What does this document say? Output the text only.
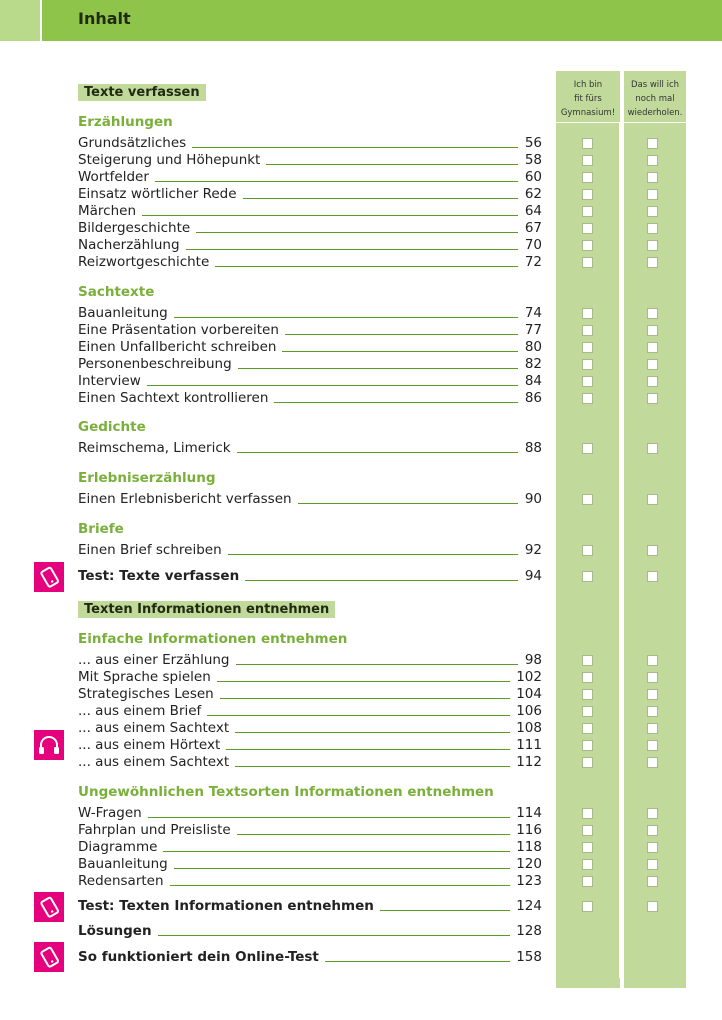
Inhalt
Ich bin
fit fürs
Gymnasium!
Das will ich
noch mal
wiederholen.
Texte verfassen
Texten Informationen entnehmen
Erzählungen
Sachtexte
Gedichte
Erlebniserzählung
Briefe
Einfache Informationen entnehmen
Ungewöhnlichen Textsorten Informationen entnehmen
Grundsätzliches	56
Steigerung und Höhepunkt	58
Wortfelder	60
Einsatz wörtlicher Rede	62
Märchen	64
Bildergeschichte	67
Nacherzählung	70
Reizwortgeschichte	72
Bauanleitung	74
Eine Präsentation vorbereiten	77
Einen Unfallbericht schreiben	80
Personenbeschreibung	82
Interview	84
Einen Sachtext kontrollieren	86
Reimschema, Limerick	88
Einen Erlebnisbericht verfassen	90
Einen Brief schreiben	92
Test: Texte verfassen	94
... aus einer Erzählung	98
Mit Sprache spielen	102
Strategisches Lesen	104
... aus einem Brief	106
... aus einem Sachtext	108
... aus einem Hörtext	111
... aus einem Sachtext	112
W-Fragen	114
Fahrplan und Preisliste	116
Diagramme	118
Bauanleitung	120
Redensarten	123
Test: Texten Informationen entnehmen	124
Lösungen	128
So funktioniert dein Online-Test	158
